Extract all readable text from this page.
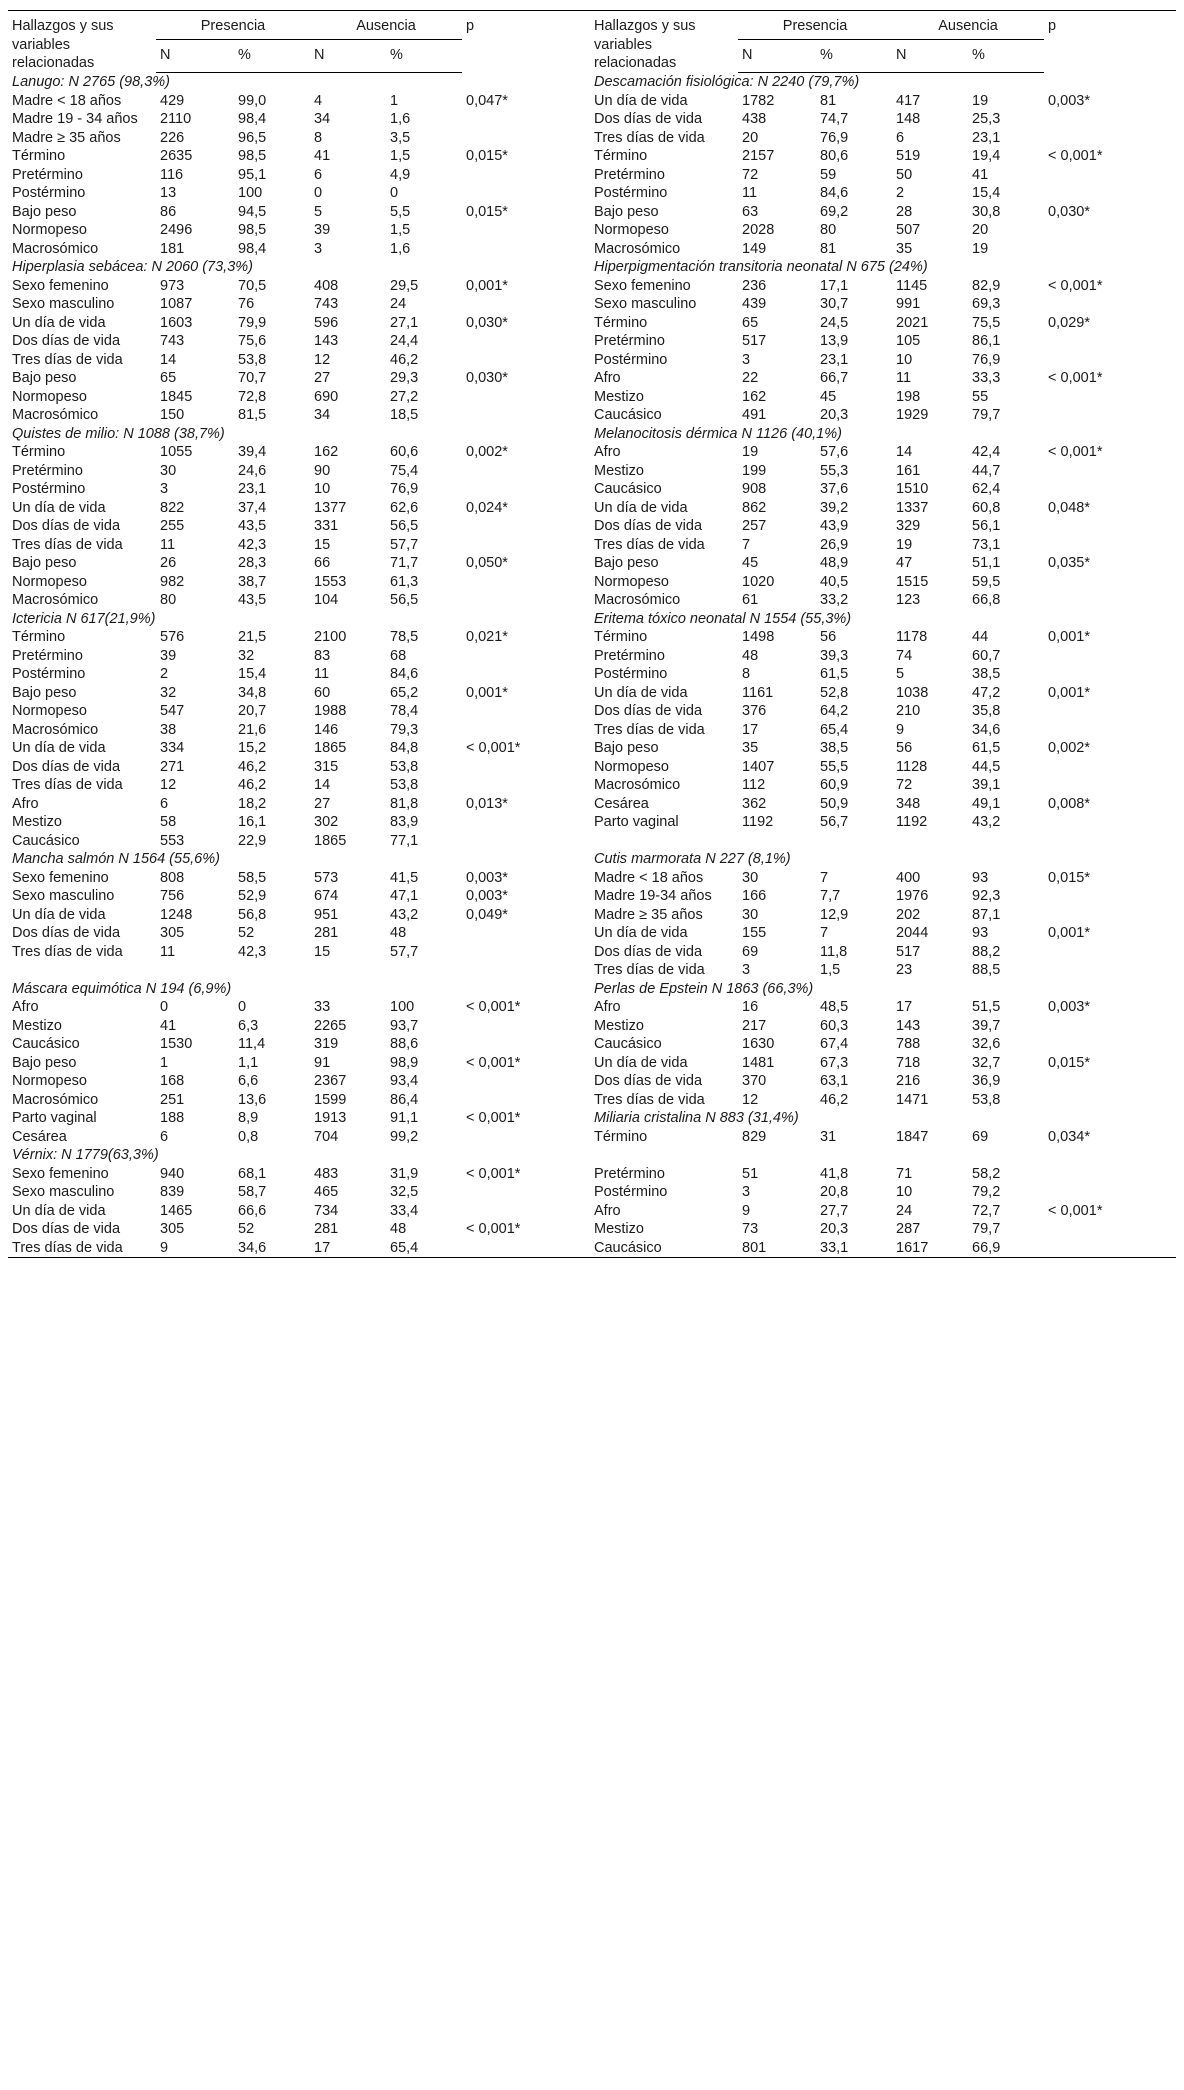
Hallazgos y sus variables relacionadas	Presencia		Ausencia		p	Hallazgos y sus variables relacionadas	Presencia		Ausencia		p
	N	%	N	%			N	%	N	%	
Lanugo: N 2765 (98,3%)						Descamación fisiológica: N 2240 (79,7%)					
Madre < 18 años	429	99,0	4	1	0,047*	Un día de vida	1782	81	417	19	0,003*
Madre 19 - 34 años	2110	98,4	34	1,6		Dos días de vida	438	74,7	148	25,3	
Madre ≥ 35 años	226	96,5	8	3,5		Tres días de vida	20	76,9	6	23,1	
Término	2635	98,5	41	1,5	0,015*	Término	2157	80,6	519	19,4	< 0,001*
Pretérmino	116	95,1	6	4,9		Pretérmino	72	59	50	41	
Postérmino	13	100	0	0		Postérmino	11	84,6	2	15,4	
Bajo peso	86	94,5	5	5,5	0,015*	Bajo peso	63	69,2	28	30,8	0,030*
Normopeso	2496	98,5	39	1,5		Normopeso	2028	80	507	20	
Macrosómico	181	98,4	3	1,6		Macrosómico	149	81	35	19	
Hiperplasia sebácea: N 2060 (73,3%)						Hiperpigmentación transitoria neonatal N 675 (24%)					
Sexo femenino	973	70,5	408	29,5	0,001*	Sexo femenino	236	17,1	1145	82,9	< 0,001*
Sexo masculino	1087	76	743	24		Sexo masculino	439	30,7	991	69,3	
Un día de vida	1603	79,9	596	27,1	0,030*	Término	65	24,5	2021	75,5	0,029*
Dos días de vida	743	75,6	143	24,4		Pretérmino	517	13,9	105	86,1	
Tres días de vida	14	53,8	12	46,2		Postérmino	3	23,1	10	76,9	
Bajo peso	65	70,7	27	29,3	0,030*	Afro	22	66,7	11	33,3	< 0,001*
Normopeso	1845	72,8	690	27,2		Mestizo	162	45	198	55	
Macrosómico	150	81,5	34	18,5		Caucásico	491	20,3	1929	79,7	
Quistes de milio: N 1088 (38,7%)						Melanocitosis dérmica N 1126 (40,1%)					
Término	1055	39,4	162	60,6	0,002*	Afro	19	57,6	14	42,4	< 0,001*
Pretérmino	30	24,6	90	75,4		Mestizo	199	55,3	161	44,7	
Postérmino	3	23,1	10	76,9		Caucásico	908	37,6	1510	62,4	
Un día de vida	822	37,4	1377	62,6	0,024*	Un día de vida	862	39,2	1337	60,8	0,048*
Dos días de vida	255	43,5	331	56,5		Dos días de vida	257	43,9	329	56,1	
Tres días de vida	11	42,3	15	57,7		Tres días de vida	7	26,9	19	73,1	
Bajo peso	26	28,3	66	71,7	0,050*	Bajo peso	45	48,9	47	51,1	0,035*
Normopeso	982	38,7	1553	61,3		Normopeso	1020	40,5	1515	59,5	
Macrosómico	80	43,5	104	56,5		Macrosómico	61	33,2	123	66,8	
Ictericia N 617(21,9%)						Eritema tóxico neonatal N 1554 (55,3%)					
Término	576	21,5	2100	78,5	0,021*	Término	1498	56	1178	44	0,001*
Pretérmino	39	32	83	68		Pretérmino	48	39,3	74	60,7	
Postérmino	2	15,4	11	84,6		Postérmino	8	61,5	5	38,5	
Bajo peso	32	34,8	60	65,2	0,001*	Un día de vida	1161	52,8	1038	47,2	0,001*
Normopeso	547	20,7	1988	78,4		Dos días de vida	376	64,2	210	35,8	
Macrosómico	38	21,6	146	79,3		Tres días de vida	17	65,4	9	34,6	
Un día de vida	334	15,2	1865	84,8	< 0,001*	Bajo peso	35	38,5	56	61,5	0,002*
Dos días de vida	271	46,2	315	53,8		Normopeso	1407	55,5	1128	44,5	
Tres días de vida	12	46,2	14	53,8		Macrosómico	112	60,9	72	39,1	
Afro	6	18,2	27	81,8	0,013*	Cesárea	362	50,9	348	49,1	0,008*
Mestizo	58	16,1	302	83,9		Parto vaginal	1192	56,7	1192	43,2	
Caucásico	553	22,9	1865	77,1							
Mancha salmón N 1564 (55,6%)						Cutis marmorata N 227 (8,1%)					
Sexo femenino	808	58,5	573	41,5	0,003*	Madre < 18 años	30	7	400	93	0,015*
Sexo masculino	756	52,9	674	47,1	0,003*	Madre 19-34 años	166	7,7	1976	92,3	
Un día de vida	1248	56,8	951	43,2	0,049*	Madre ≥ 35 años	30	12,9	202	87,1	
Dos días de vida	305	52	281	48		Un día de vida	155	7	2044	93	0,001*
Tres días de vida	11	42,3	15	57,7		Dos días de vida	69	11,8	517	88,2	
						Tres días de vida	3	1,5	23	88,5	
Máscara equimótica N 194 (6,9%)						Perlas de Epstein N 1863 (66,3%)					
Afro	0	0	33	100	< 0,001*	Afro	16	48,5	17	51,5	0,003*
Mestizo	41	6,3	2265	93,7		Mestizo	217	60,3	143	39,7	
Caucásico	1530	11,4	319	88,6		Caucásico	1630	67,4	788	32,6	
Bajo peso	1	1,1	91	98,9	< 0,001*	Un día de vida	1481	67,3	718	32,7	0,015*
Normopeso	168	6,6	2367	93,4		Dos días de vida	370	63,1	216	36,9	
Macrosómico	251	13,6	1599	86,4		Tres días de vida	12	46,2	1471	53,8	
Parto vaginal	188	8,9	1913	91,1	< 0,001*	Miliaria cristalina N 883 (31,4%)					
Cesárea	6	0,8	704	99,2		Término	829	31	1847	69	0,034*
Vérnix: N 1779(63,3%)											
Sexo femenino	940	68,1	483	31,9	< 0,001*	Pretérmino	51	41,8	71	58,2	
Sexo masculino	839	58,7	465	32,5		Postérmino	3	20,8	10	79,2	
Un día de vida	1465	66,6	734	33,4		Afro	9	27,7	24	72,7	< 0,001*
Dos días de vida	305	52	281	48	< 0,001*	Mestizo	73	20,3	287	79,7	
Tres días de vida	9	34,6	17	65,4		Caucásico	801	33,1	1617	66,9	
